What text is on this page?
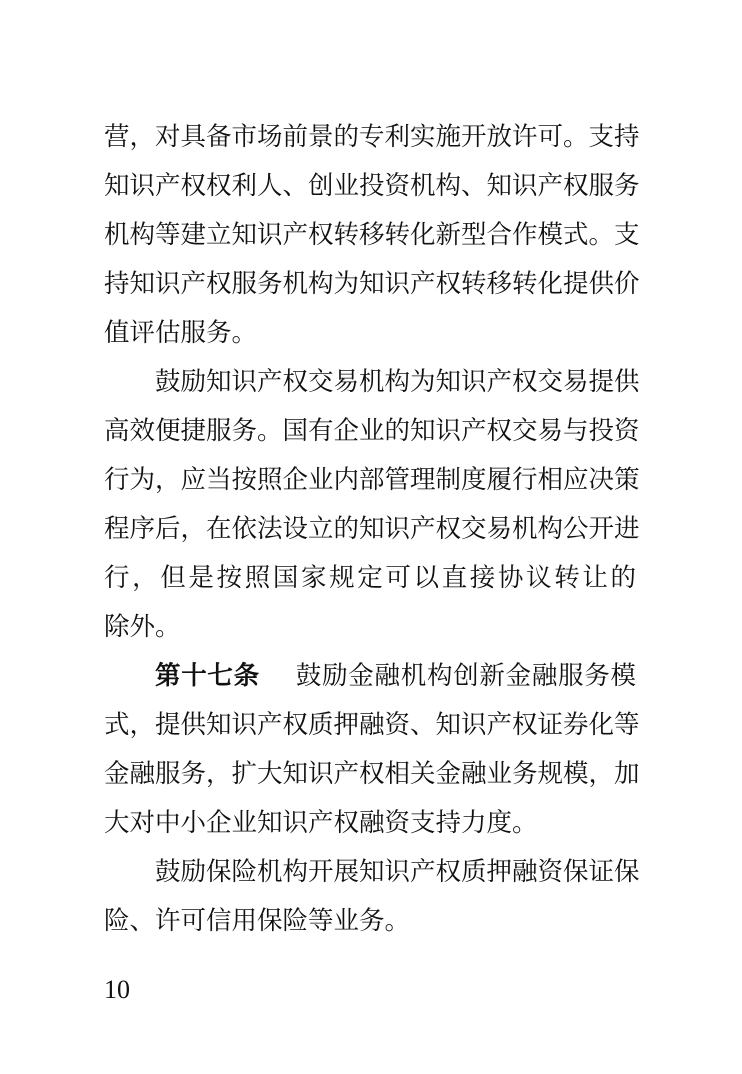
营，对具备市场前景的专利实施开放许可。支持
知识产权权利人、创业投资机构、知识产权服务
机构等建立知识产权转移转化新型合作模式。支
持知识产权服务机构为知识产权转移转化提供价
值评估服务。
鼓励知识产权交易机构为知识产权交易提供
高效便捷服务。国有企业的知识产权交易与投资
行为，应当按照企业内部管理制度履行相应决策
程序后，在依法设立的知识产权交易机构公开进
行，但是按照国家规定可以直接协议转让的
除外。
第十七条 鼓励金融机构创新金融服务模
式，提供知识产权质押融资、知识产权证券化等
金融服务，扩大知识产权相关金融业务规模，加
大对中小企业知识产权融资支持力度。
鼓励保险机构开展知识产权质押融资保证保
险、许可信用保险等业务。
10
